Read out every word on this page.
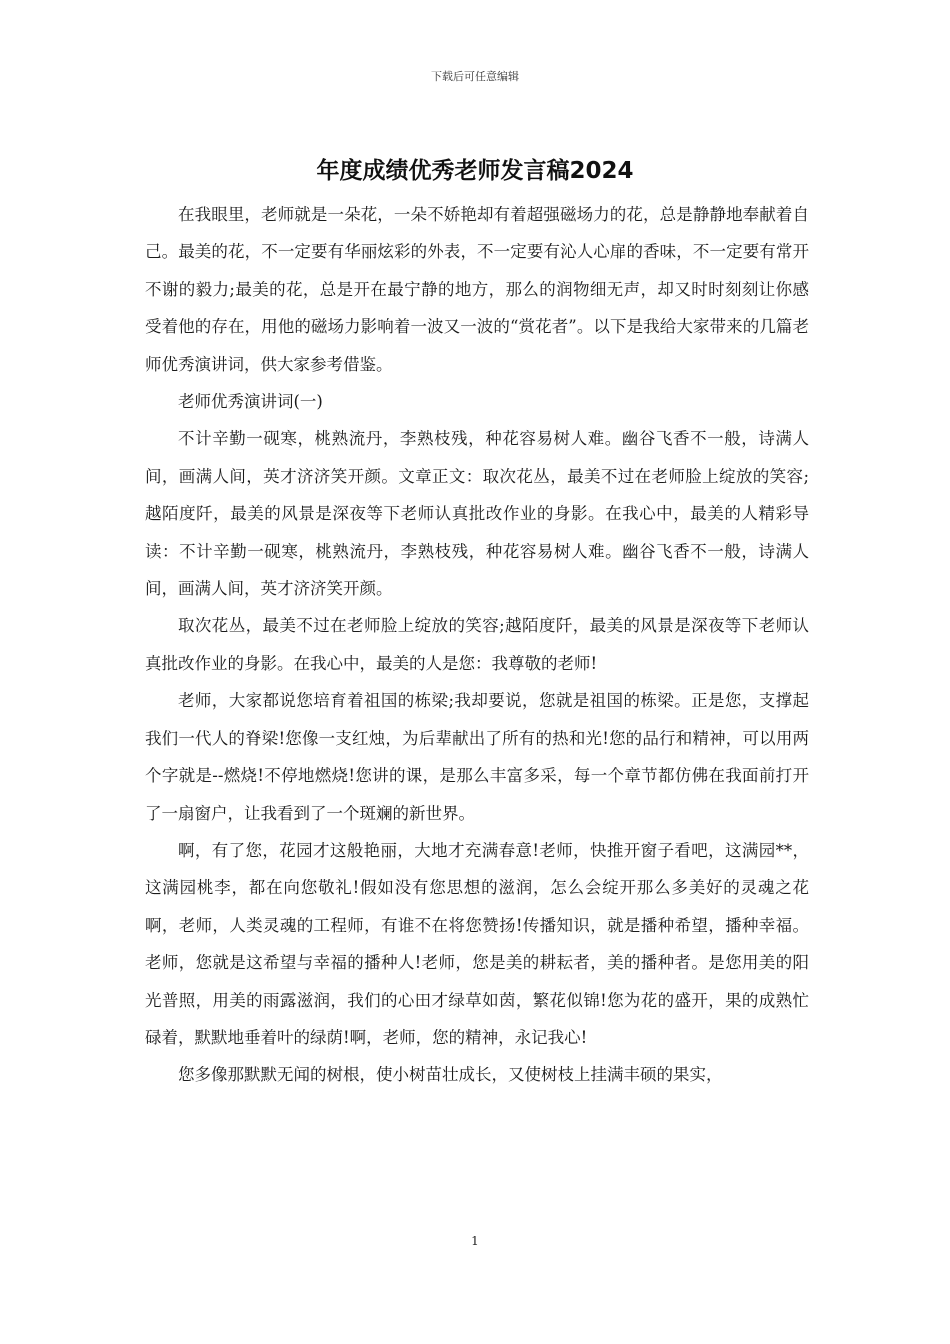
下载后可任意编辑
年度成绩优秀老师发言稿2024

在我眼里，老师就是一朵花，一朵不娇艳却有着超强磁场力的花，总是静静地奉献着自己。最美的花，不一定要有华丽炫彩的外表，不一定要有沁人心扉的香味，不一定要有常开不谢的毅力;最美的花，总是开在最宁静的地方，那么的润物细无声，却又时时刻刻让你感受着他的存在，用他的磁场力影响着一波又一波的“赏花者”。以下是我给大家带来的几篇老师优秀演讲词，供大家参考借鉴。

老师优秀演讲词(一)

不计辛勤一砚寒，桃熟流丹，李熟枝残，种花容易树人难。幽谷飞香不一般，诗满人间，画满人间，英才济济笑开颜。文章正文：取次花丛，最美不过在老师脸上绽放的笑容;越陌度阡，最美的风景是深夜等下老师认真批改作业的身影。在我心中，最美的人精彩导读：不计辛勤一砚寒，桃熟流丹，李熟枝残，种花容易树人难。幽谷飞香不一般，诗满人间，画满人间，英才济济笑开颜。

取次花丛，最美不过在老师脸上绽放的笑容;越陌度阡，最美的风景是深夜等下老师认真批改作业的身影。在我心中，最美的人是您：我尊敬的老师!

老师，大家都说您培育着祖国的栋梁;我却要说，您就是祖国的栋梁。正是您，支撑起我们一代人的脊梁!您像一支红烛，为后辈献出了所有的热和光!您的品行和精神，可以用两个字就是--燃烧!不停地燃烧!您讲的课，是那么丰富多采，每一个章节都仿佛在我面前打开了一扇窗户，让我看到了一个斑斓的新世界。

啊，有了您，花园才这般艳丽，大地才充满春意!老师，快推开窗子看吧，这满园**，这满园桃李，都在向您敬礼!假如没有您思想的滋润，怎么会绽开那么多美好的灵魂之花啊，老师，人类灵魂的工程师，有谁不在将您赞扬!传播知识，就是播种希望，播种幸福。老师，您就是这希望与幸福的播种人!老师，您是美的耕耘者，美的播种者。是您用美的阳光普照，用美的雨露滋润，我们的心田才绿草如茵，繁花似锦!您为花的盛开，果的成熟忙碌着，默默地垂着叶的绿荫!啊，老师，您的精神，永记我心!

您多像那默默无闻的树根，使小树苗壮成长，又使树枝上挂满丰硕的果实，

1
